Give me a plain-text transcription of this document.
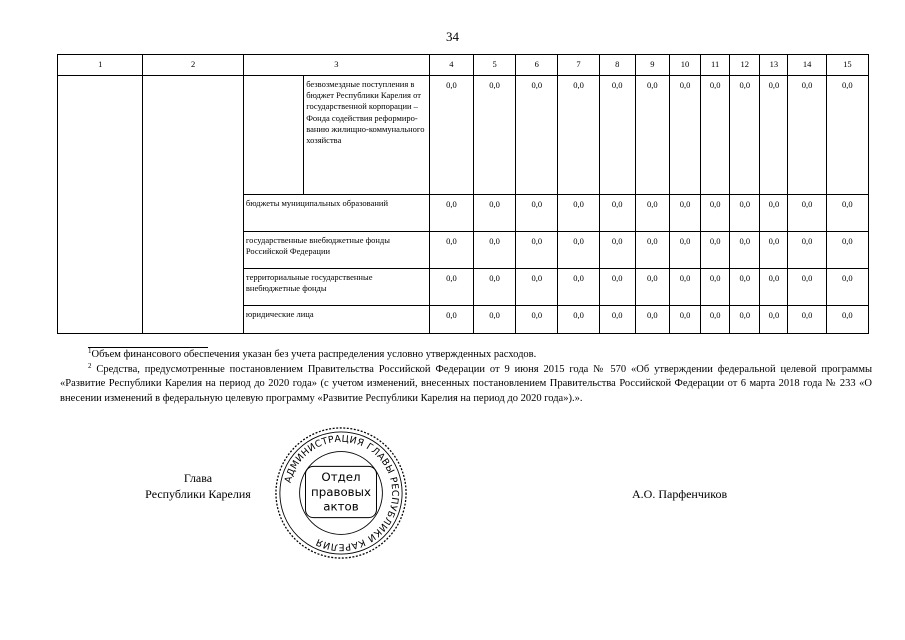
34
1	2	3		4	5	6	7	8	9	10	11	12	13	14	15
			безвозмездные поступления в бюджет Республики Карелия от государственной корпорации – Фонда содействия реформиро-ванию жилищно-коммунального хозяйства	0,0	0,0	0,0	0,0	0,0	0,0	0,0	0,0	0,0	0,0	0,0	0,0
		бюджеты муниципальных образований		0,0	0,0	0,0	0,0	0,0	0,0	0,0	0,0	0,0	0,0	0,0	0,0
		государственные внебюджетные фонды Российской Федерации		0,0	0,0	0,0	0,0	0,0	0,0	0,0	0,0	0,0	0,0	0,0	0,0
		территориальные государственные внебюджетные фонды		0,0	0,0	0,0	0,0	0,0	0,0	0,0	0,0	0,0	0,0	0,0	0,0
		юридические лица		0,0	0,0	0,0	0,0	0,0	0,0	0,0	0,0	0,0	0,0	0,0	0,0

$^1$Объем финансового обеспечения указан без учета распределения условно утвержденных расходов.

$^2$ Средства, предусмотренные постановлением Правительства Российской Федерации от 9 июня 2015 года № 570 «Об утверждении федеральной целевой программы «Развитие Республики Карелия на период до 2020 года» (с учетом изменений, внесенных постановлением Правительства Российской Федерации от 6 марта 2018 года № 233 «О внесении изменений в федеральную целевую программу «Развитие Республики Карелия на период до 2020 года»).».

Глава
Республики Карелия
АДМИНИСТРАЦИЯ ГЛАВЫ РЕСПУБЛИКИ КАРЕЛИЯ
Отдел
правовых
актов
А.О. Парфенчиков
